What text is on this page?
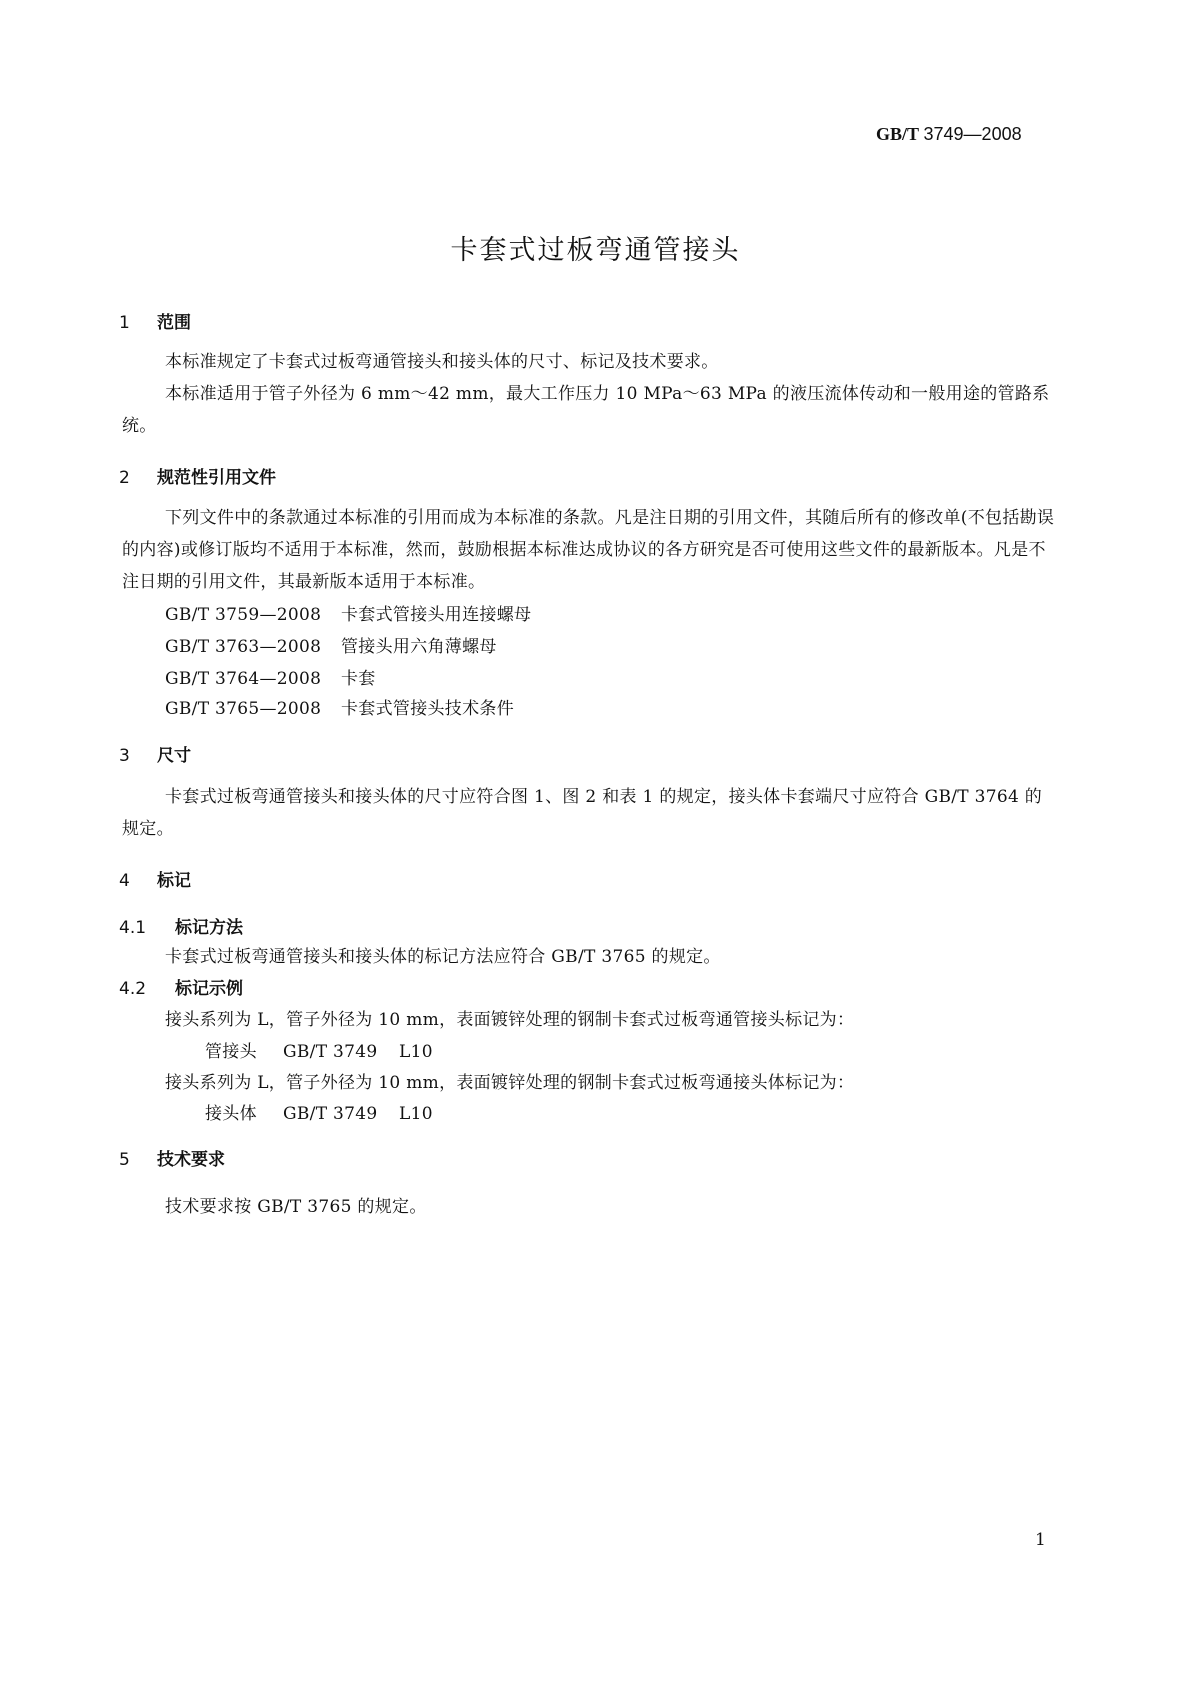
GB/T 3749—2008
卡套式过板弯通管接头
1 范围
本标准规定了卡套式过板弯通管接头和接头体的尺寸、标记及技术要求。
本标准适用于管子外径为 6 mm～42 mm，最大工作压力 10 MPa～63 MPa 的液压流体传动和一般用途的管路系统。
2 规范性引用文件
下列文件中的条款通过本标准的引用而成为本标准的条款。凡是注日期的引用文件，其随后所有的修改单(不包括勘误的内容)或修订版均不适用于本标准，然而，鼓励根据本标准达成协议的各方研究是否可使用这些文件的最新版本。凡是不注日期的引用文件，其最新版本适用于本标准。
GB/T 3759—2008 卡套式管接头用连接螺母
GB/T 3763—2008 管接头用六角薄螺母
GB/T 3764—2008 卡套
GB/T 3765—2008 卡套式管接头技术条件
3 尺寸
卡套式过板弯通管接头和接头体的尺寸应符合图 1、图 2 和表 1 的规定，接头体卡套端尺寸应符合 GB/T 3764 的规定。
4 标记
4.1 标记方法
卡套式过板弯通管接头和接头体的标记方法应符合 GB/T 3765 的规定。
4.2 标记示例
接头系列为 L，管子外径为 10 mm，表面镀锌处理的钢制卡套式过板弯通管接头标记为：
管接头 GB/T 3749 L10
接头系列为 L，管子外径为 10 mm，表面镀锌处理的钢制卡套式过板弯通接头体标记为：
接头体 GB/T 3749 L10
5 技术要求
技术要求按 GB/T 3765 的规定。
1
